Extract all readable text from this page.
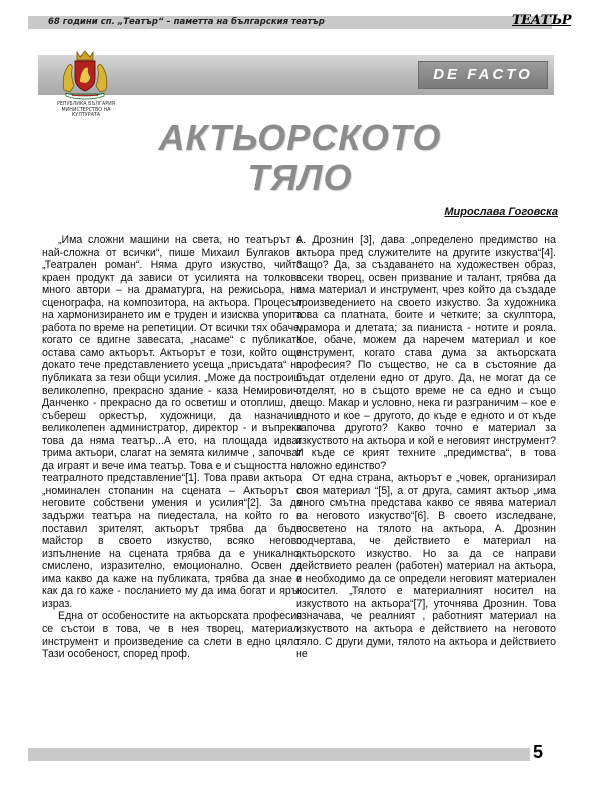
68 години сп. „Театър“ – паметта на българския театър	ТЕАТЪР
DE FACTO
РЕПУБЛИКА БЪЛГАРИЯ
МИНИСТЕРСТВО НА КУЛТУРАТА
АКТЬОРСКОТО
ТЯЛО
Мирослава Гоговска

„Има сложни машини на света, но театърът е най-сложна от всички“, пише Михаил Булгаков в „Театрален роман“. Няма друго изкуство, чийто краен продукт да зависи от усилията на толкова много автори – на драматурга, на режисьора, на сценографа, на композитора, на актьора. Процесът на хармонизирането им е труден и изисква упорита работа по време на репетиции. От всички тях обаче, когато се вдигне завесата, „насаме“ с публиката остава само актьорът. Актьорът е този, който още докато тече представлението усеща „присъдата“ на публиката за тези общи усилия. „Може да построиш великолепно, прекрасно здание - каза Немирович-Данченко - прекрасно да го осветиш и отоплиш, да събереш оркестър, художници, да назначиш великолепен администратор, директор - и въпреки това да няма театър...А ето, на площада идват трима актьори, слагат на земята килимче , започват да играят и вече има театър. Това е и същността на театралното представление“[1]. Това прави актьора „номинален стопанин на сцената – Актьорът с неговите собствени умения и усилия“[2]. За да задържи театъра на пиедестала, на който го е поставил зрителят, актьорът трябва да бъде майстор в своето изкуство, всяко негово изпълнение на сцената трябва да е уникално, смислено, изразително, емоционално. Освен да има какво да каже на публиката, трябва да знае и как да го каже - посланието му да има богат и ярък израз.

Една от особеностите на актьорската професия се състои в това, че в нея творец, материал, инструмент и произведение са слети в едно цяло. Тази особеност, според проф.

А. Дрознин [3], дава „определено предимство на актьора пред служителите на другите изкуства“[4]. Защо? Да, за създаването на художествен образ, всеки творец, освен призвание и талант, трябва да има материал и инструмент, чрез който да създаде произведението на своето изкуство. За художника това са платната, боите и четките; за скулптора, мрамора и длетата; за пианиста - нотите и рояла. Кое, обаче, можем да наречем материал и кое инструмент, когато става дума за актьорската професия? По същество, не са в състояние да бъдат отделени едно от друго. Да, не могат да се отделят, но в същото време не са едно и също нещо. Макар и условно, нека ги разграничим – кое е едното и кое – другото, до къде е едното и от къде започва другото? Какво точно е материал за изкуството на актьора и кой е неговият инструмент? И къде се крият техните „предимства“, в това сложно единство?

От една страна, актьорът е „човек, организирал своя материал “[5], а от друга, самият актьор „има много смътна представа какво се явява материал на неговото изкуство“[6]. В своето изследване, посветено на тялото на актьора, А. Дрознин подчертава, че действието е материал на актьорското изкуство. Но за да се направи действието реален (работен) материал на актьора, е необходимо да се определи неговият материален носител. „Тялото е материалният носител на изкуството на актьора“[7], уточнява Дрознин. Това означава, че реалният , работният материал на изкуството на актьора е действието на неговото тяло. С други думи, тялото на актьора и действието не

5
